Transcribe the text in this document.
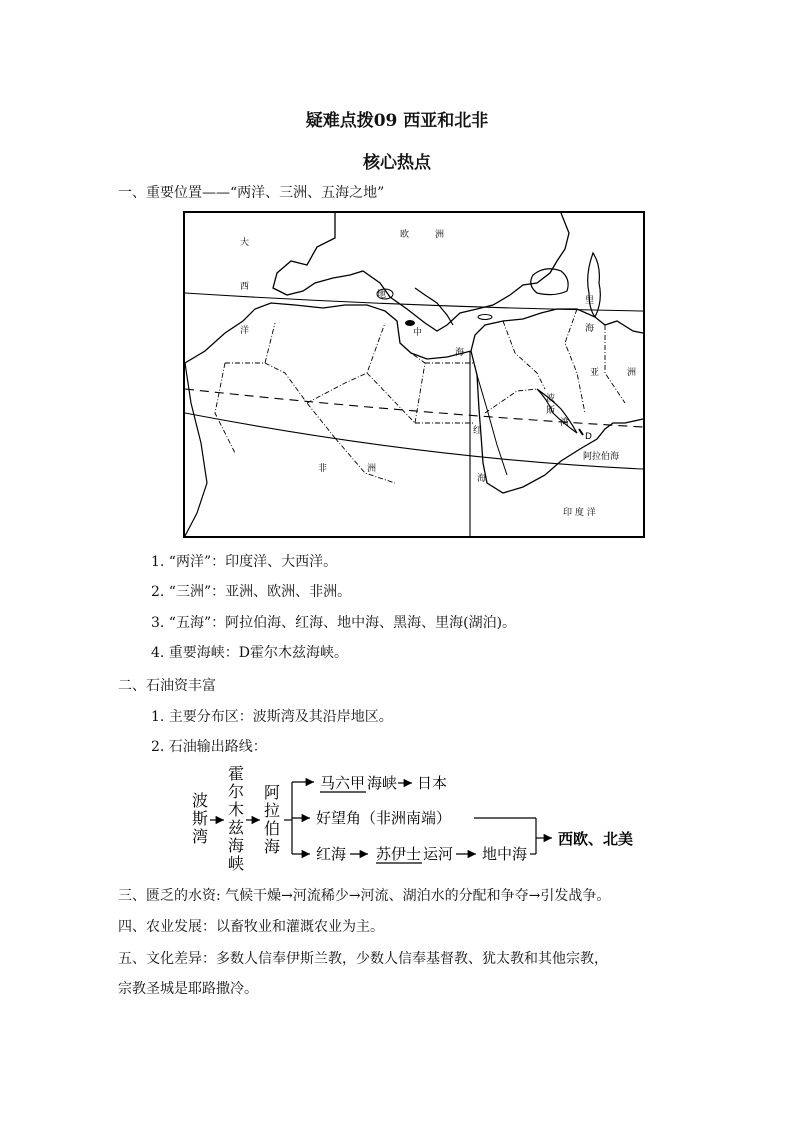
疑难点拨09 西亚和北非
核心热点
一、重要位置——“两洋、三洲、五海之地”
大
西
洋
欧	洲
地
中
海
里
海
亚	洲
波
斯
湾
红
海
非	洲
阿拉伯海
印 度 洋
D
1. “两洋”：印度洋、大西洋。
2. “三洲”：亚洲、欧洲、非洲。
3. “五海”：阿拉伯海、红海、地中海、黑海、里海(湖泊)。
4. 重要海峡：D霍尔木兹海峡。
二、石油资丰富
1. 主要分布区：波斯湾及其沿岸地区。
2. 石油输出路线：
波
斯
湾
霍
尔
木
兹
海
峡
阿
拉
伯
海
马六甲 海峡 日本
好望角（非洲南端）
红海 苏伊士 运河 地中海
西欧、北美
三、匮乏的水资: 气候干燥→河流稀少→河流、湖泊水的分配和争夺→引发战争。
四、农业发展：以畜牧业和灌溉农业为主。
五、文化差异：多数人信奉伊斯兰教，少数人信奉基督教、犹太教和其他宗教，
宗教圣城是耶路撒冷。
